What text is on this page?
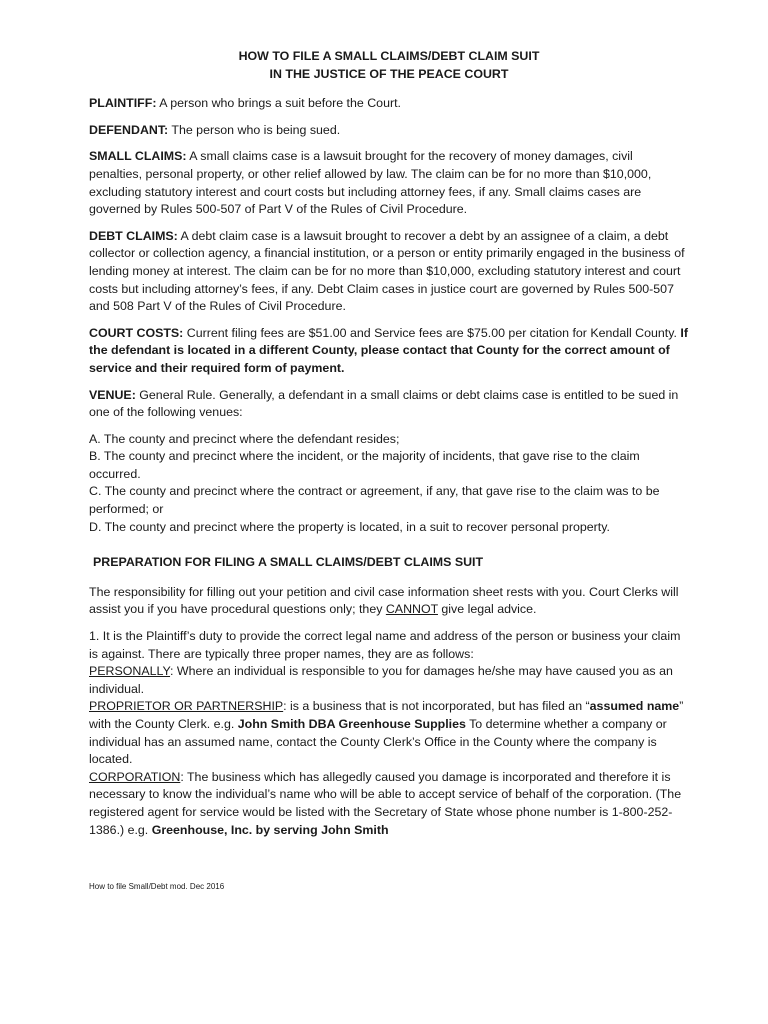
HOW TO FILE A SMALL CLAIMS/DEBT CLAIM SUIT

IN THE JUSTICE OF THE PEACE COURT

PLAINTIFF: A person who brings a suit before the Court.

DEFENDANT: The person who is being sued.

SMALL CLAIMS: A small claims case is a lawsuit brought for the recovery of money damages, civil penalties, personal property, or other relief allowed by law. The claim can be for no more than $10,000, excluding statutory interest and court costs but including attorney fees, if any. Small claims cases are governed by Rules 500-507 of Part V of the Rules of Civil Procedure.

DEBT CLAIMS: A debt claim case is a lawsuit brought to recover a debt by an assignee of a claim, a debt collector or collection agency, a financial institution, or a person or entity primarily engaged in the business of lending money at interest. The claim can be for no more than $10,000, excluding statutory interest and court costs but including attorney’s fees, if any. Debt Claim cases in justice court are governed by Rules 500-507 and 508 Part V of the Rules of Civil Procedure.

COURT COSTS: Current filing fees are $51.00 and Service fees are $75.00 per citation for Kendall County. If the defendant is located in a different County, please contact that County for the correct amount of service and their required form of payment.

VENUE: General Rule. Generally, a defendant in a small claims or debt claims case is entitled to be sued in one of the following venues:

A. The county and precinct where the defendant resides;

B. The county and precinct where the incident, or the majority of incidents, that gave rise to the claim occurred.

C. The county and precinct where the contract or agreement, if any, that gave rise to the claim was to be performed; or

D. The county and precinct where the property is located, in a suit to recover personal property.

PREPARATION FOR FILING A SMALL CLAIMS/DEBT CLAIMS SUIT

The responsibility for filling out your petition and civil case information sheet rests with you. Court Clerks will assist you if you have procedural questions only; they CANNOT give legal advice.

1. It is the Plaintiff’s duty to provide the correct legal name and address of the person or business your claim is against. There are typically three proper names, they are as follows:

PERSONALLY: Where an individual is responsible to you for damages he/she may have caused you as an individual.

PROPRIETOR OR PARTNERSHIP: is a business that is not incorporated, but has filed an “assumed name” with the County Clerk. e.g. John Smith DBA Greenhouse Supplies To determine whether a company or individual has an assumed name, contact the County Clerk’s Office in the County where the company is located.

CORPORATION: The business which has allegedly caused you damage is incorporated and therefore it is necessary to know the individual’s name who will be able to accept service of behalf of the corporation. (The registered agent for service would be listed with the Secretary of State whose phone number is 1-800-252- 1386.) e.g. Greenhouse, Inc. by serving John Smith

How to file Small/Debt mod. Dec 2016
